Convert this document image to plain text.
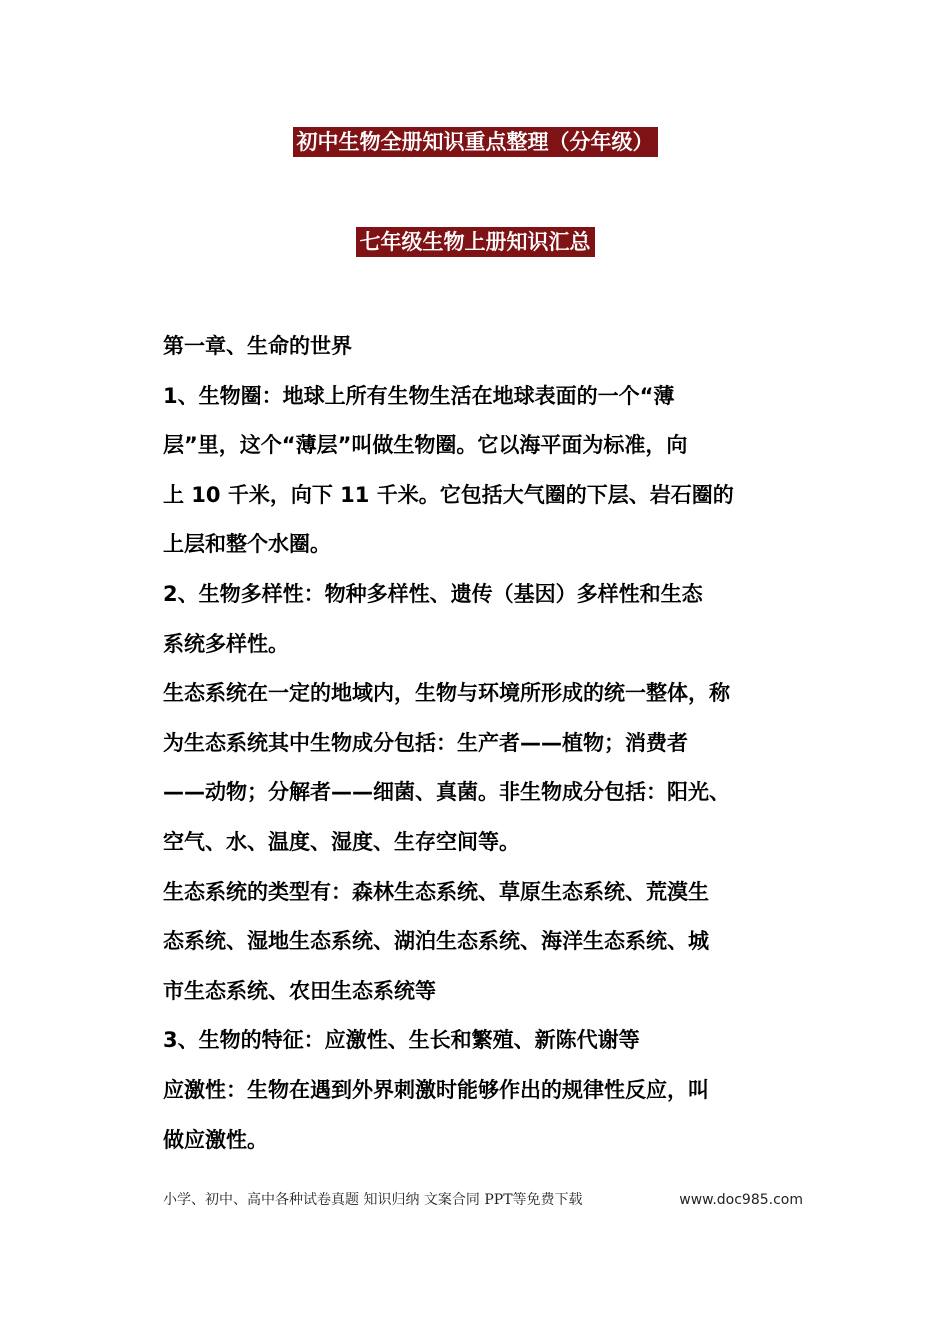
初中生物全册知识重点整理（分年级）
七年级生物上册知识汇总
第一章、生命的世界
1、生物圈：地球上所有生物生活在地球表面的一个“薄
层”里，这个“薄层”叫做生物圈。它以海平面为标准，向
上 10 千米，向下 11 千米。它包括大气圈的下层、岩石圈的
上层和整个水圈。
2、生物多样性：物种多样性、遗传（基因）多样性和生态
系统多样性。
生态系统在一定的地域内，生物与环境所形成的统一整体，称
为生态系统其中生物成分包括：生产者——植物；消费者
——动物；分解者——细菌、真菌。非生物成分包括：阳光、
空气、水、温度、湿度、生存空间等。
生态系统的类型有：森林生态系统、草原生态系统、荒漠生
态系统、湿地生态系统、湖泊生态系统、海洋生态系统、城
市生态系统、农田生态系统等
3、生物的特征：应激性、生长和繁殖、新陈代谢等
应激性：生物在遇到外界刺激时能够作出的规律性反应，叫
做应激性。
小学、初中、高中各种试卷真题 知识归纳 文案合同 PPT等免费下载	www.doc985.com
